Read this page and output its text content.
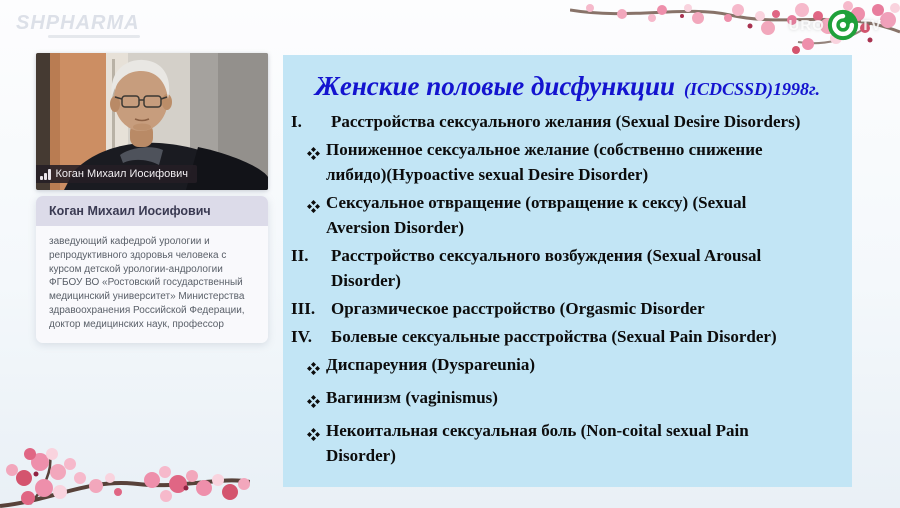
SHPHARMA	URO TV
Коган Михаил Иосифович
Коган Михаил Иосифович
заведующий кафедрой урологии и репродуктивного здоровья человека с курсом детской урологии-андрологии ФГБОУ ВО «Ростовский государственный медицинский университет» Министерства здравоохранения Российской Федерации, доктор медицинских наук, профессор
Женские половые дисфункции (ICDCSSD)1998г.
I.	Расстройства сексуального желания (Sexual Desire Disorders)
Пониженное сексуальное желание (собственно снижение либидо)(Hypoactive sexual Desire Disorder)
Сексуальное отвращение (отвращение к сексу) (Sexual Aversion Disorder)
II.	Расстройство сексуального возбуждения (Sexual Arousal Disorder)
III. Оргазмическое расстройство (Orgasmic Disorder
IV.	Болевые сексуальные расстройства (Sexual Pain Disorder)
Диспареуния (Dyspareunia)
Вагинизм (vaginismus)
Некоитальная сексуальная боль (Non-coital sexual Pain Disorder)
